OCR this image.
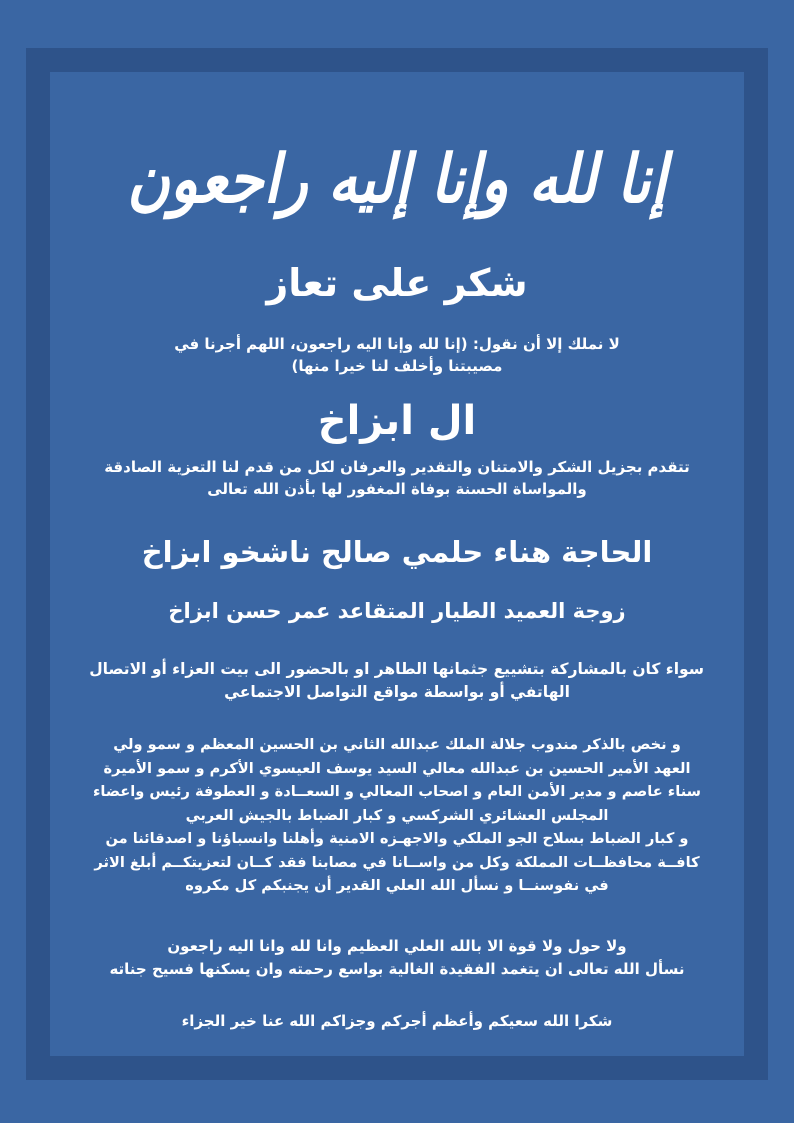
إنا لله وإنا إليه راجعون
شكر على تعاز
لا نملك إلا أن نقول: (إنا لله وإنا اليه راجعون، اللهم أجرنا في
مصيبتنا وأخلف لنا خيرا منها)
ال ابزاخ
تتقدم بجزيل الشكر والامتنان والتقدير والعرفان لكل من قدم لنا التعزية الصادقة
والمواساة الحسنة بوفاة المغفور لها بأذن الله تعالى
الحاجة هناء حلمي صالح ناشخو ابزاخ
زوجة العميد الطيار المتقاعد عمر حسن ابزاخ
سواء كان بالمشاركة بتشييع جثمانها الطاهر او بالحضور الى بيت العزاء أو الاتصال
الهاتفي أو بواسطة مواقع التواصل الاجتماعي
و نخص بالذكر مندوب جلالة الملك عبدالله الثاني بن الحسين المعظم و سمو ولي
العهد الأمير الحسين بن عبدالله معالي السيد يوسف العيسوي الأكرم و سمو الأميرة
سناء عاصم و مدير الأمن العام و اصحاب المعالي و السعــادة و العطوفة رئيس واعضاء
المجلس العشائري الشركسي و كبار الضباط بالجيش العربي
و كبار الضباط بسلاح الجو الملكي والاجهـزه الامنية وأهلنا وانسباؤنا و اصدقائنا من
كافــة محافظــات المملكة وكل من واســانا في مصابنا فقد كــان لتعزيتكــم أبلغ الاثر
في نفوسنــا و نسأل الله العلي القدير أن يجنبكم كل مكروه
ولا حول ولا قوة الا بالله العلي العظيم وانا لله وانا اليه راجعون
نسأل الله تعالى ان يتغمد الفقيدة الغالية بواسع رحمته وان يسكنها فسيح جناته
شكرا الله سعيكم وأعظم أجركم وجزاكم الله عنا خير الجزاء
